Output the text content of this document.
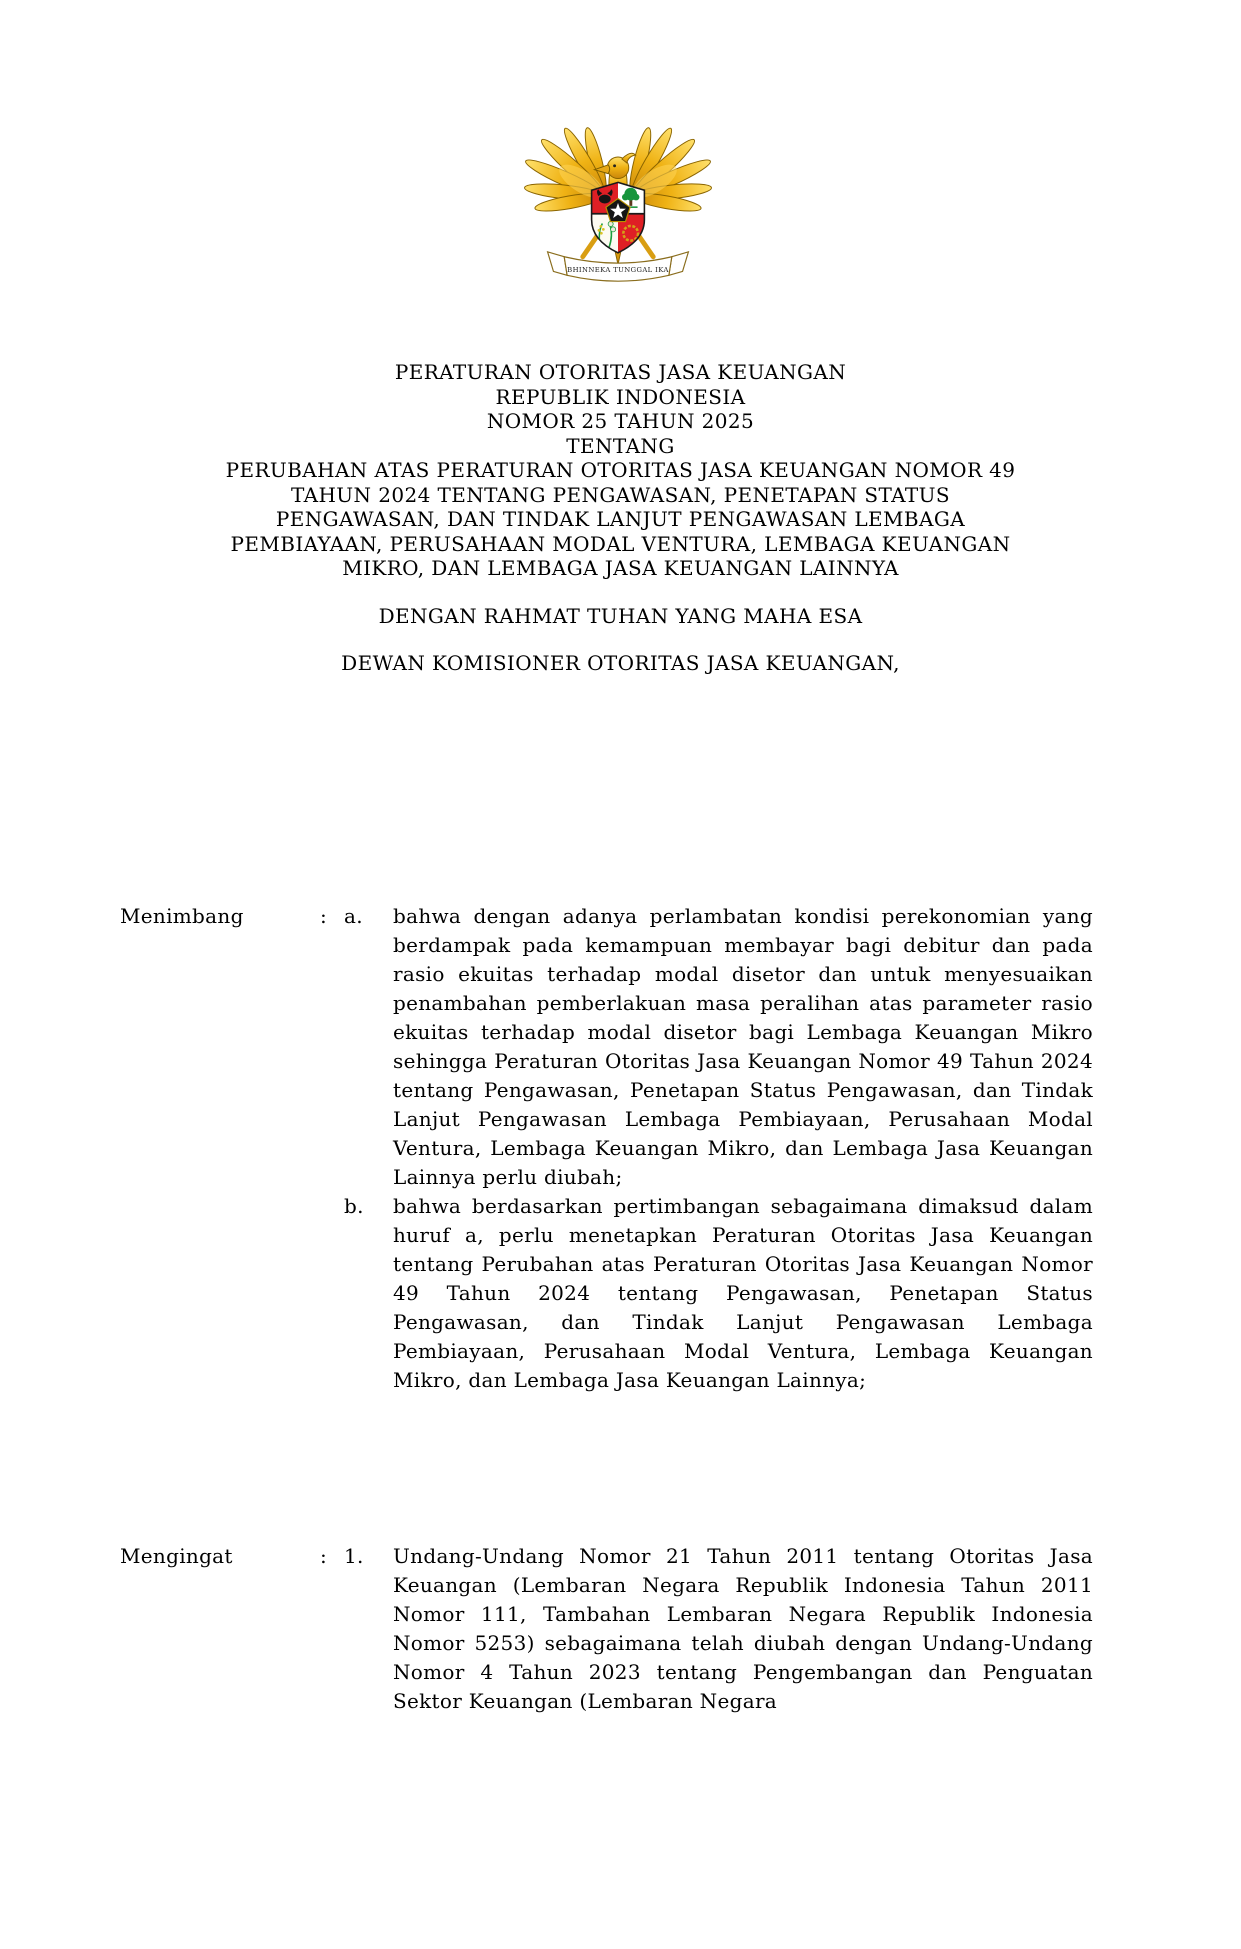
BHINNEKA TUNGGAL IKA
PERATURAN OTORITAS JASA KEUANGAN
REPUBLIK INDONESIA
NOMOR 25 TAHUN 2025
TENTANG
PERUBAHAN ATAS PERATURAN OTORITAS JASA KEUANGAN NOMOR 49
TAHUN 2024 TENTANG PENGAWASAN, PENETAPAN STATUS
PENGAWASAN, DAN TINDAK LANJUT PENGAWASAN LEMBAGA
PEMBIAYAAN, PERUSAHAAN MODAL VENTURA, LEMBAGA KEUANGAN
MIKRO, DAN LEMBAGA JASA KEUANGAN LAINNYA
DENGAN RAHMAT TUHAN YANG MAHA ESA
DEWAN KOMISIONER OTORITAS JASA KEUANGAN,
Menimbang	: a.	bahwa dengan adanya perlambatan kondisi perekonomian yang berdampak pada kemampuan membayar bagi debitur dan pada rasio ekuitas terhadap modal disetor dan untuk menyesuaikan penambahan pemberlakuan masa peralihan atas parameter rasio ekuitas terhadap modal disetor bagi Lembaga Keuangan Mikro sehingga Peraturan Otoritas Jasa Keuangan Nomor 49 Tahun 2024 tentang Pengawasan, Penetapan Status Pengawasan, dan Tindak Lanjut Pengawasan Lembaga Pembiayaan, Perusahaan Modal Ventura, Lembaga Keuangan Mikro, dan Lembaga Jasa Keuangan Lainnya perlu diubah;
b.	bahwa berdasarkan pertimbangan sebagaimana dimaksud dalam huruf a, perlu menetapkan Peraturan Otoritas Jasa Keuangan tentang Perubahan atas Peraturan Otoritas Jasa Keuangan Nomor 49 Tahun 2024 tentang Pengawasan, Penetapan Status Pengawasan, dan Tindak Lanjut Pengawasan Lembaga Pembiayaan, Perusahaan Modal Ventura, Lembaga Keuangan Mikro, dan Lembaga Jasa Keuangan Lainnya;
Mengingat	: 1.	Undang-Undang Nomor 21 Tahun 2011 tentang Otoritas Jasa Keuangan (Lembaran Negara Republik Indonesia Tahun 2011 Nomor 111, Tambahan Lembaran Negara Republik Indonesia Nomor 5253) sebagaimana telah diubah dengan Undang-Undang Nomor 4 Tahun 2023 tentang Pengembangan dan Penguatan Sektor Keuangan (Lembaran Negara
